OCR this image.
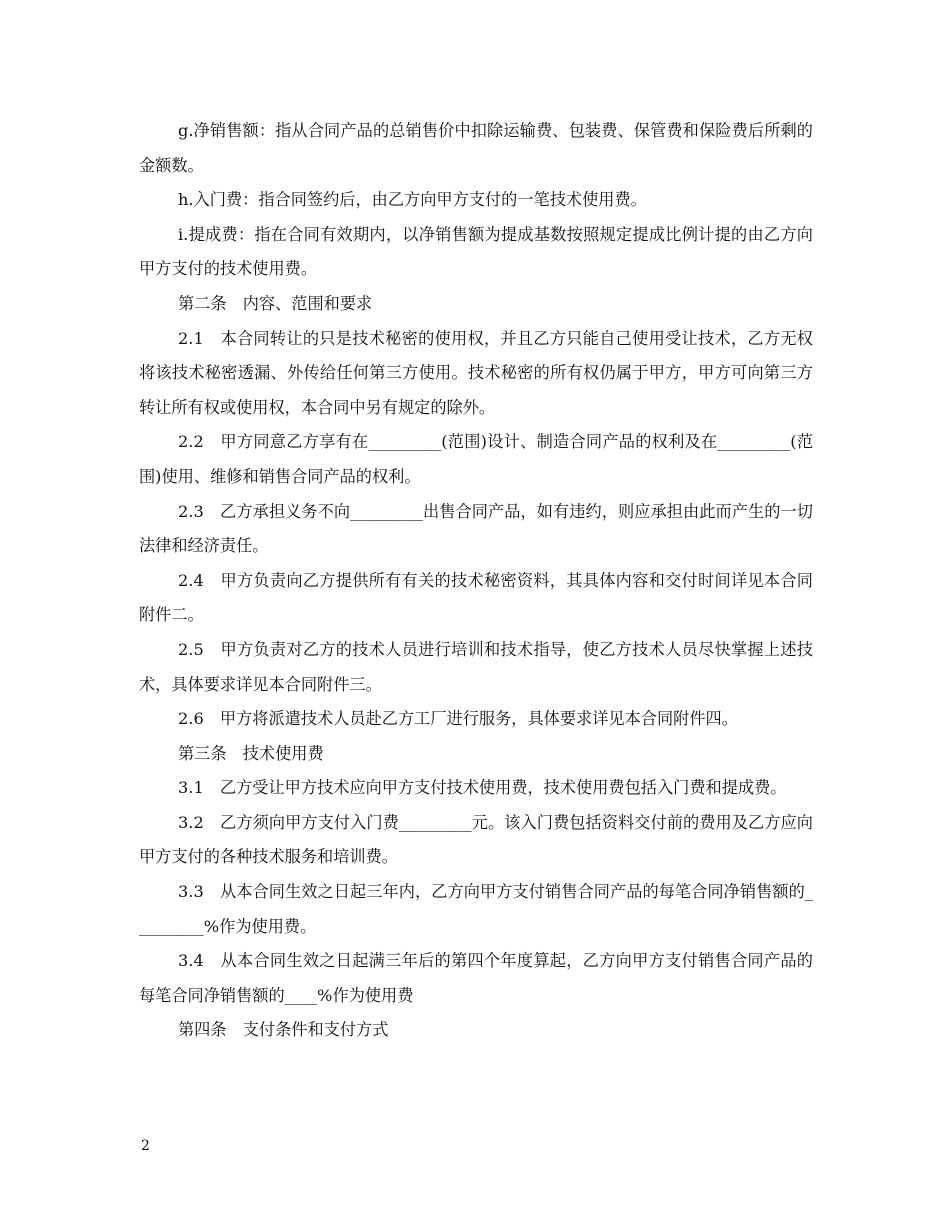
g.净销售额：指从合同产品的总销售价中扣除运输费、包装费、保管费和保险费后所剩的金额数。

h.入门费：指合同签约后，由乙方向甲方支付的一笔技术使用费。

i.提成费：指在合同有效期内，以净销售额为提成基数按照规定提成比例计提的由乙方向甲方支付的技术使用费。

第二条　内容、范围和要求

2.1　本合同转让的只是技术秘密的使用权，并且乙方只能自己使用受让技术，乙方无权将该技术秘密透漏、外传给任何第三方使用。技术秘密的所有权仍属于甲方，甲方可向第三方转让所有权或使用权，本合同中另有规定的除外。

2.2　甲方同意乙方享有在_________(范围)设计、制造合同产品的权利及在_________(范围)使用、维修和销售合同产品的权利。

2.3　乙方承担义务不向_________出售合同产品，如有违约，则应承担由此而产生的一切法律和经济责任。

2.4　甲方负责向乙方提供所有有关的技术秘密资料，其具体内容和交付时间详见本合同附件二。

2.5　甲方负责对乙方的技术人员进行培训和技术指导，使乙方技术人员尽快掌握上述技术，具体要求详见本合同附件三。

2.6　甲方将派遣技术人员赴乙方工厂进行服务，具体要求详见本合同附件四。

第三条　技术使用费

3.1　乙方受让甲方技术应向甲方支付技术使用费，技术使用费包括入门费和提成费。

3.2　乙方须向甲方支付入门费_________元。该入门费包括资料交付前的费用及乙方应向甲方支付的各种技术服务和培训费。

3.3　从本合同生效之日起三年内，乙方向甲方支付销售合同产品的每笔合同净销售额的_________%作为使用费。

3.4　从本合同生效之日起满三年后的第四个年度算起，乙方向甲方支付销售合同产品的每笔合同净销售额的____%作为使用费

第四条　支付条件和支付方式

2
